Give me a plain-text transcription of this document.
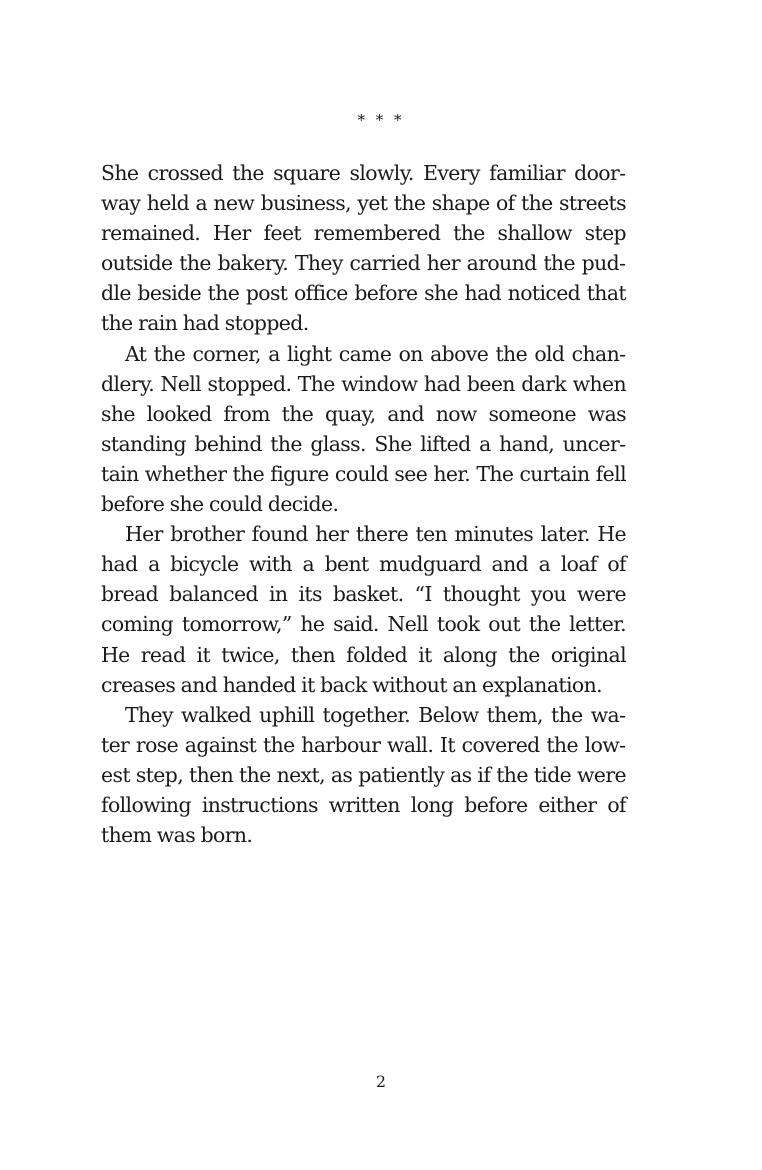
* * *

She crossed the square slowly. Every familiar doorway held a new business, yet the shape of the streets remained. Her feet remembered the shallow step outside the bakery. They carried her around the puddle beside the post office before she had noticed that the rain had stopped.

At the corner, a light came on above the old chandlery. Nell stopped. The window had been dark when she looked from the quay, and now someone was standing behind the glass. She lifted a hand, uncertain whether the figure could see her. The curtain fell before she could decide.

Her brother found her there ten minutes later. He had a bicycle with a bent mudguard and a loaf of bread balanced in its basket. “I thought you were coming tomorrow,” he said. Nell took out the letter. He read it twice, then folded it along the original creases and handed it back without an explanation.

They walked uphill together. Below them, the water rose against the harbour wall. It covered the lowest step, then the next, as patiently as if the tide were following instructions written long before either of them was born.

2
